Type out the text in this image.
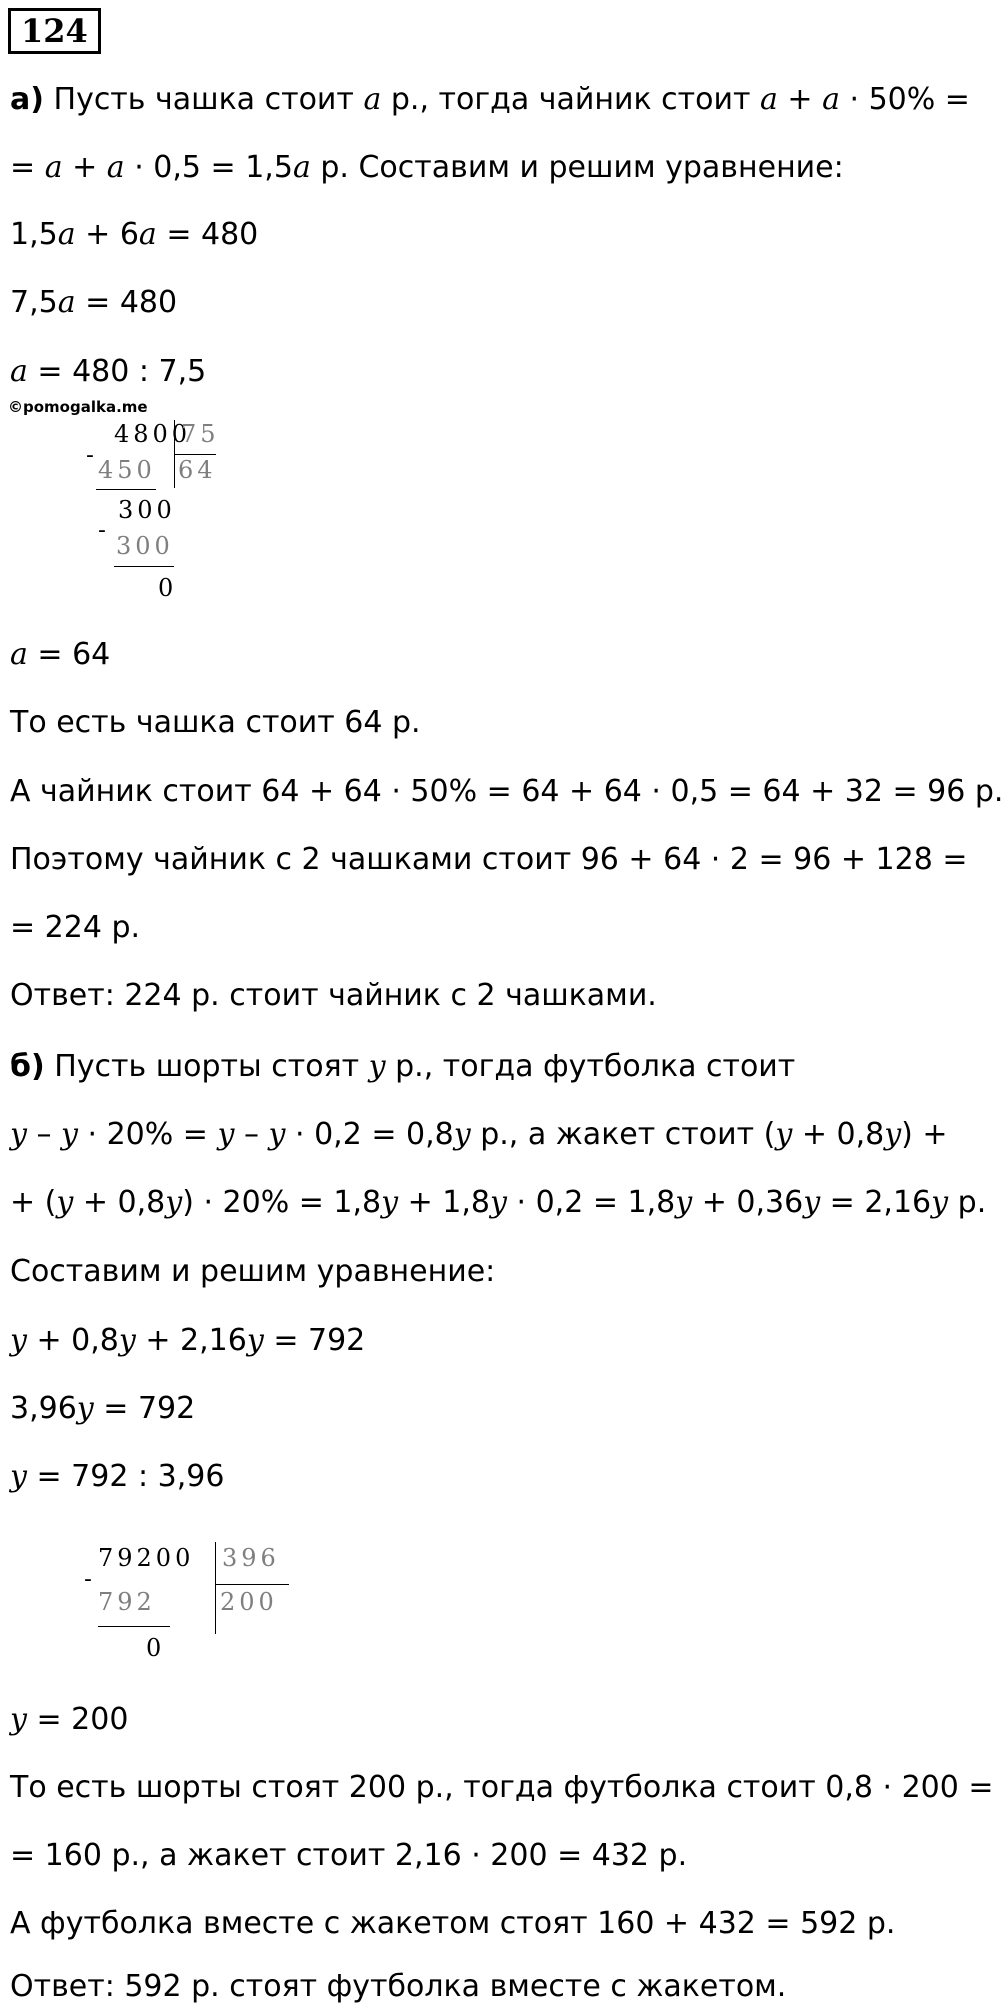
124
а) Пусть чашка стоит a р., тогда чайник стоит a + a · 50% =
= a + a · 0,5 = 1,5a р. Составим и решим уравнение:
1,5a + 6a = 480
7,5a = 480
a = 480 : 7,5
©pomogalka.me
4800
75
-
450 64
300
-
300
0
a = 64
То есть чашка стоит 64 р.
А чайник стоит 64 + 64 · 50% = 64 + 64 · 0,5 = 64 + 32 = 96 р.
Поэтому чайник с 2 чашками стоит 96 + 64 · 2 = 96 + 128 =
= 224 р.
Ответ: 224 р. стоит чайник с 2 чашками.
б) Пусть шорты стоят y р., тогда футболка стоит
y – y · 20% = y – y · 0,2 = 0,8y р., а жакет стоит (y + 0,8y) +
+ (y + 0,8y) · 20% = 1,8y + 1,8y · 0,2 = 1,8y + 0,36y = 2,16y р.
Составим и решим уравнение:
y + 0,8y + 2,16y = 792
3,96y = 792
y = 792 : 3,96
79200 396
-
792	200
0
y = 200
То есть шорты стоят 200 р., тогда футболка стоит 0,8 · 200 =
= 160 р., а жакет стоит 2,16 · 200 = 432 р.
А футболка вместе с жакетом стоят 160 + 432 = 592 р.
Ответ: 592 р. стоят футболка вместе с жакетом.
